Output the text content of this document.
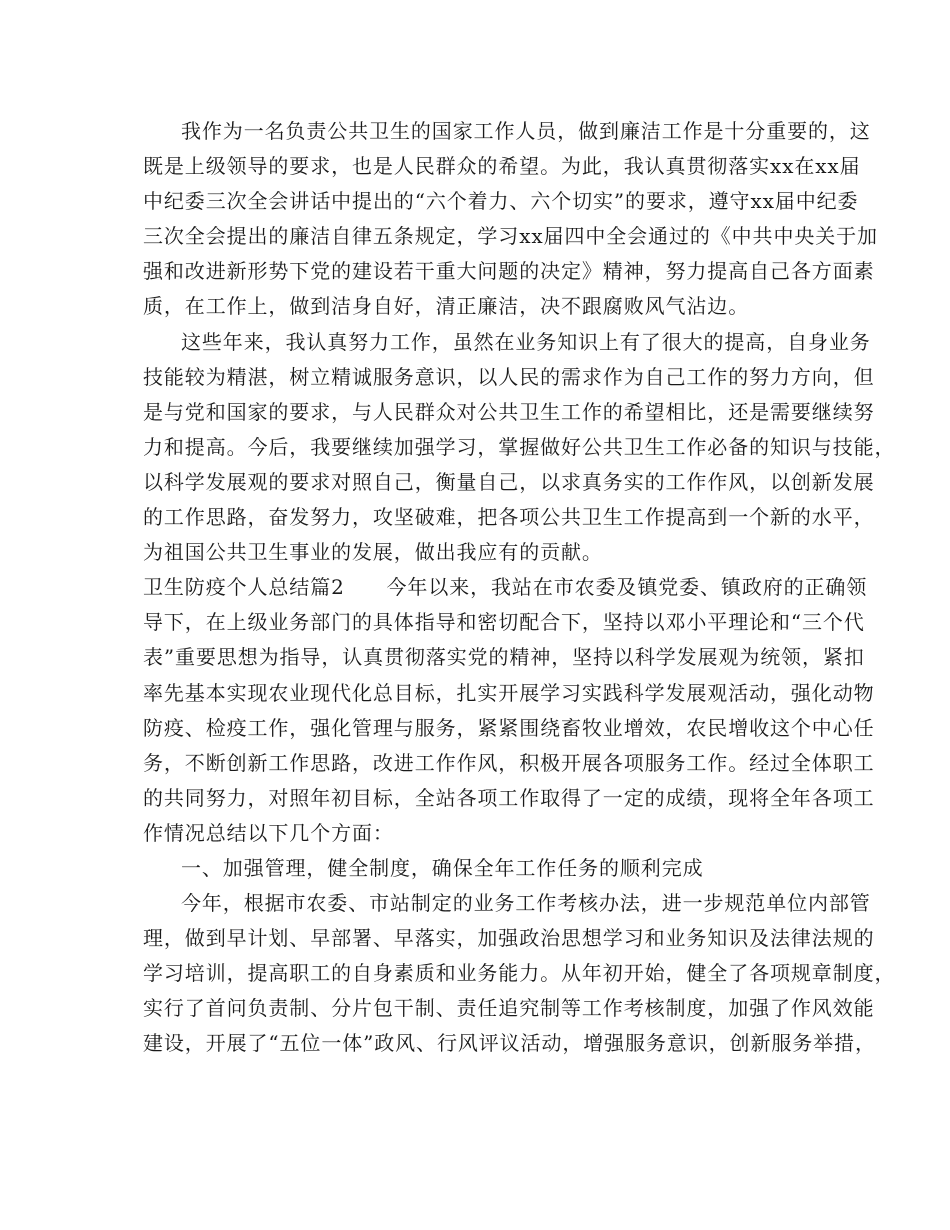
我作为一名负责公共卫生的国家工作人员，做到廉洁工作是十分重要的，这
既是上级领导的要求，也是人民群众的希望。为此，我认真贯彻落实xx在xx届
中纪委三次全会讲话中提出的“六个着力、六个切实”的要求，遵守xx届中纪委
三次全会提出的廉洁自律五条规定，学习xx届四中全会通过的《中共中央关于加
强和改进新形势下党的建设若干重大问题的决定》精神，努力提高自己各方面素
质，在工作上，做到洁身自好，清正廉洁，决不跟腐败风气沾边。
这些年来，我认真努力工作，虽然在业务知识上有了很大的提高，自身业务
技能较为精湛，树立精诚服务意识，以人民的需求作为自己工作的努力方向，但
是与党和国家的要求，与人民群众对公共卫生工作的希望相比，还是需要继续努
力和提高。今后，我要继续加强学习，掌握做好公共卫生工作必备的知识与技能，
以科学发展观的要求对照自己，衡量自己，以求真务实的工作作风，以创新发展
的工作思路，奋发努力，攻坚破难，把各项公共卫生工作提高到一个新的水平，
为祖国公共卫生事业的发展，做出我应有的贡献。
卫生防疫个人总结篇2　　今年以来，我站在市农委及镇党委、镇政府的正确领
导下，在上级业务部门的具体指导和密切配合下，坚持以邓小平理论和“三个代
表”重要思想为指导，认真贯彻落实党的精神，坚持以科学发展观为统领，紧扣
率先基本实现农业现代化总目标，扎实开展学习实践科学发展观活动，强化动物
防疫、检疫工作，强化管理与服务，紧紧围绕畜牧业增效，农民增收这个中心任
务，不断创新工作思路，改进工作作风，积极开展各项服务工作。经过全体职工
的共同努力，对照年初目标，全站各项工作取得了一定的成绩，现将全年各项工
作情况总结以下几个方面：
一、加强管理，健全制度，确保全年工作任务的顺利完成
今年，根据市农委、市站制定的业务工作考核办法，进一步规范单位内部管
理，做到早计划、早部署、早落实，加强政治思想学习和业务知识及法律法规的
学习培训，提高职工的自身素质和业务能力。从年初开始，健全了各项规章制度，
实行了首问负责制、分片包干制、责任追究制等工作考核制度，加强了作风效能
建设，开展了“五位一体”政风、行风评议活动，增强服务意识，创新服务举措，
